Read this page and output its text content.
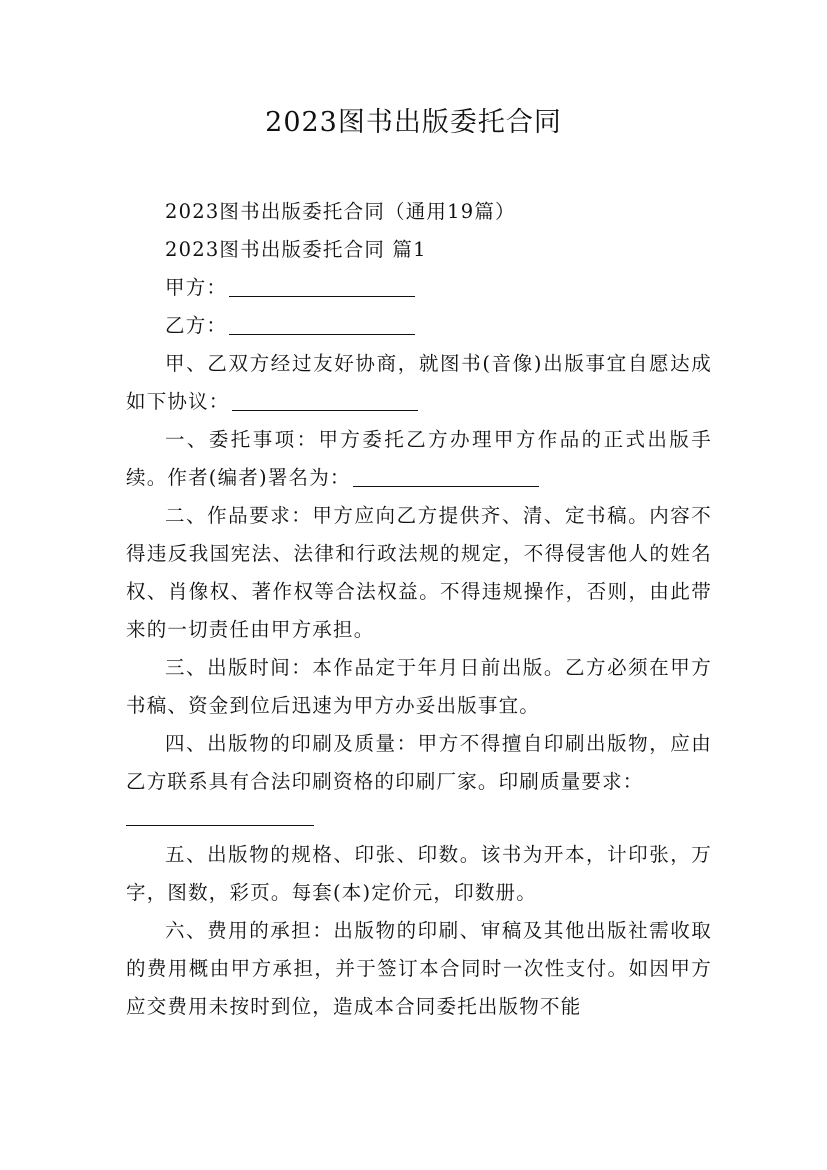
2023图书出版委托合同

2023图书出版委托合同（通用19篇）

2023图书出版委托合同 篇1

甲方：

乙方：

甲、乙双方经过友好协商，就图书(音像)出版事宜自愿达成如下协议：

一、委托事项：甲方委托乙方办理甲方作品的正式出版手续。作者(编者)署名为：

二、作品要求：甲方应向乙方提供齐、清、定书稿。内容不得违反我国宪法、法律和行政法规的规定，不得侵害他人的姓名权、肖像权、著作权等合法权益。不得违规操作，否则，由此带来的一切责任由甲方承担。

三、出版时间：本作品定于年月日前出版。乙方必须在甲方书稿、资金到位后迅速为甲方办妥出版事宜。

四、出版物的印刷及质量：甲方不得擅自印刷出版物，应由乙方联系具有合法印刷资格的印刷厂家。印刷质量要求：

五、出版物的规格、印张、印数。该书为开本，计印张，万字，图数，彩页。每套(本)定价元，印数册。

六、费用的承担：出版物的印刷、审稿及其他出版社需收取的费用概由甲方承担，并于签订本合同时一次性支付。如因甲方应交费用未按时到位，造成本合同委托出版物不能
